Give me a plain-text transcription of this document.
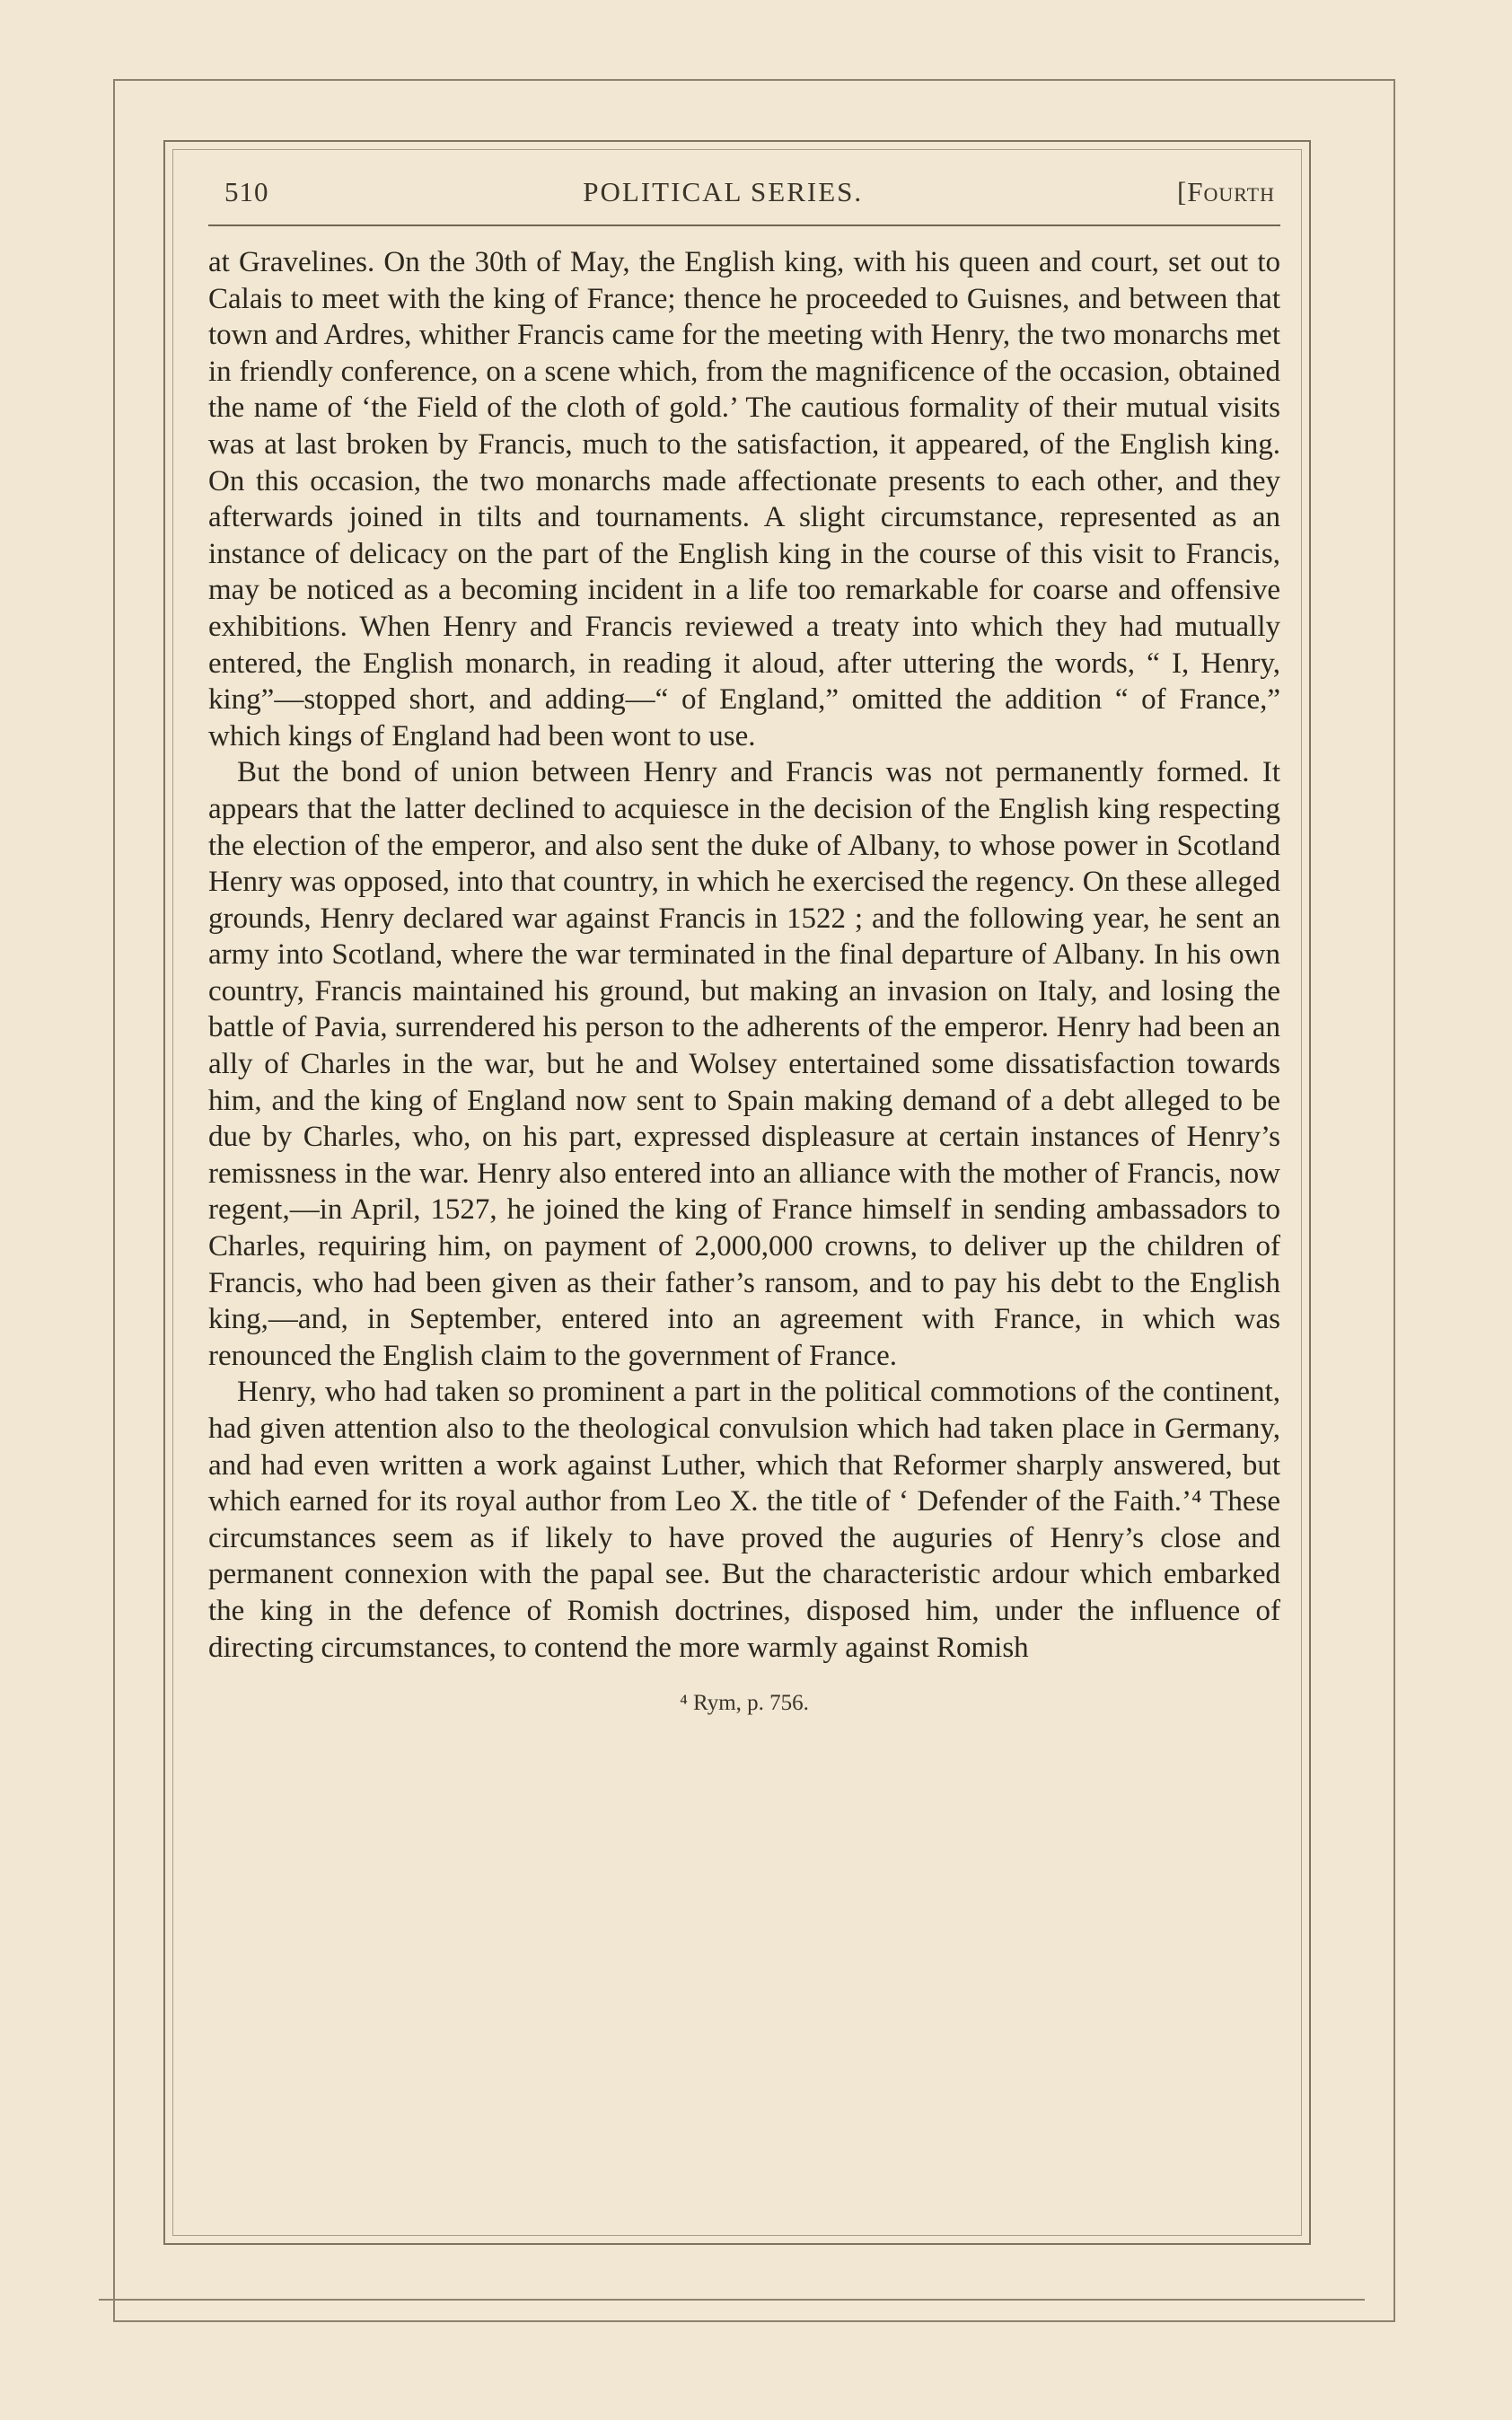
510	POLITICAL SERIES.	[Fourth

at Gravelines. On the 30th of May, the English king, with his queen and court, set out to Calais to meet with the king of France; thence he proceeded to Guisnes, and between that town and Ardres, whither Francis came for the meeting with Henry, the two monarchs met in friendly conference, on a scene which, from the magnificence of the occasion, obtained the name of ‘the Field of the cloth of gold.’ The cautious formality of their mutual visits was at last broken by Francis, much to the satisfaction, it appeared, of the English king. On this occasion, the two monarchs made affectionate presents to each other, and they afterwards joined in tilts and tournaments. A slight circumstance, represented as an instance of delicacy on the part of the English king in the course of this visit to Francis, may be noticed as a becoming incident in a life too remarkable for coarse and offensive exhibitions. When Henry and Francis reviewed a treaty into which they had mutually entered, the English monarch, in reading it aloud, after uttering the words, “ I, Henry, king”—stopped short, and adding—“ of England,” omitted the addition “ of France,” which kings of England had been wont to use.

But the bond of union between Henry and Francis was not permanently formed. It appears that the latter declined to acquiesce in the decision of the English king respecting the election of the emperor, and also sent the duke of Albany, to whose power in Scotland Henry was opposed, into that country, in which he exercised the regency. On these alleged grounds, Henry declared war against Francis in 1522 ; and the following year, he sent an army into Scotland, where the war terminated in the final departure of Albany. In his own country, Francis maintained his ground, but making an invasion on Italy, and losing the battle of Pavia, surrendered his person to the adherents of the emperor. Henry had been an ally of Charles in the war, but he and Wolsey entertained some dissatisfaction towards him, and the king of England now sent to Spain making demand of a debt alleged to be due by Charles, who, on his part, expressed displeasure at certain instances of Henry’s remissness in the war. Henry also entered into an alliance with the mother of Francis, now regent,—in April, 1527, he joined the king of France himself in sending ambassadors to Charles, requiring him, on payment of 2,000,000 crowns, to deliver up the children of Francis, who had been given as their father’s ransom, and to pay his debt to the English king,—and, in September, entered into an agreement with France, in which was renounced the English claim to the government of France.

Henry, who had taken so prominent a part in the political commotions of the continent, had given attention also to the theological convulsion which had taken place in Germany, and had even written a work against Luther, which that Reformer sharply answered, but which earned for its royal author from Leo X. the title of ‘ Defender of the Faith.’⁴ These circumstances seem as if likely to have proved the auguries of Henry’s close and permanent connexion with the papal see. But the characteristic ardour which embarked the king in the defence of Romish doctrines, disposed him, under the influence of directing circumstances, to contend the more warmly against Romish

⁴ Rym, p. 756.
